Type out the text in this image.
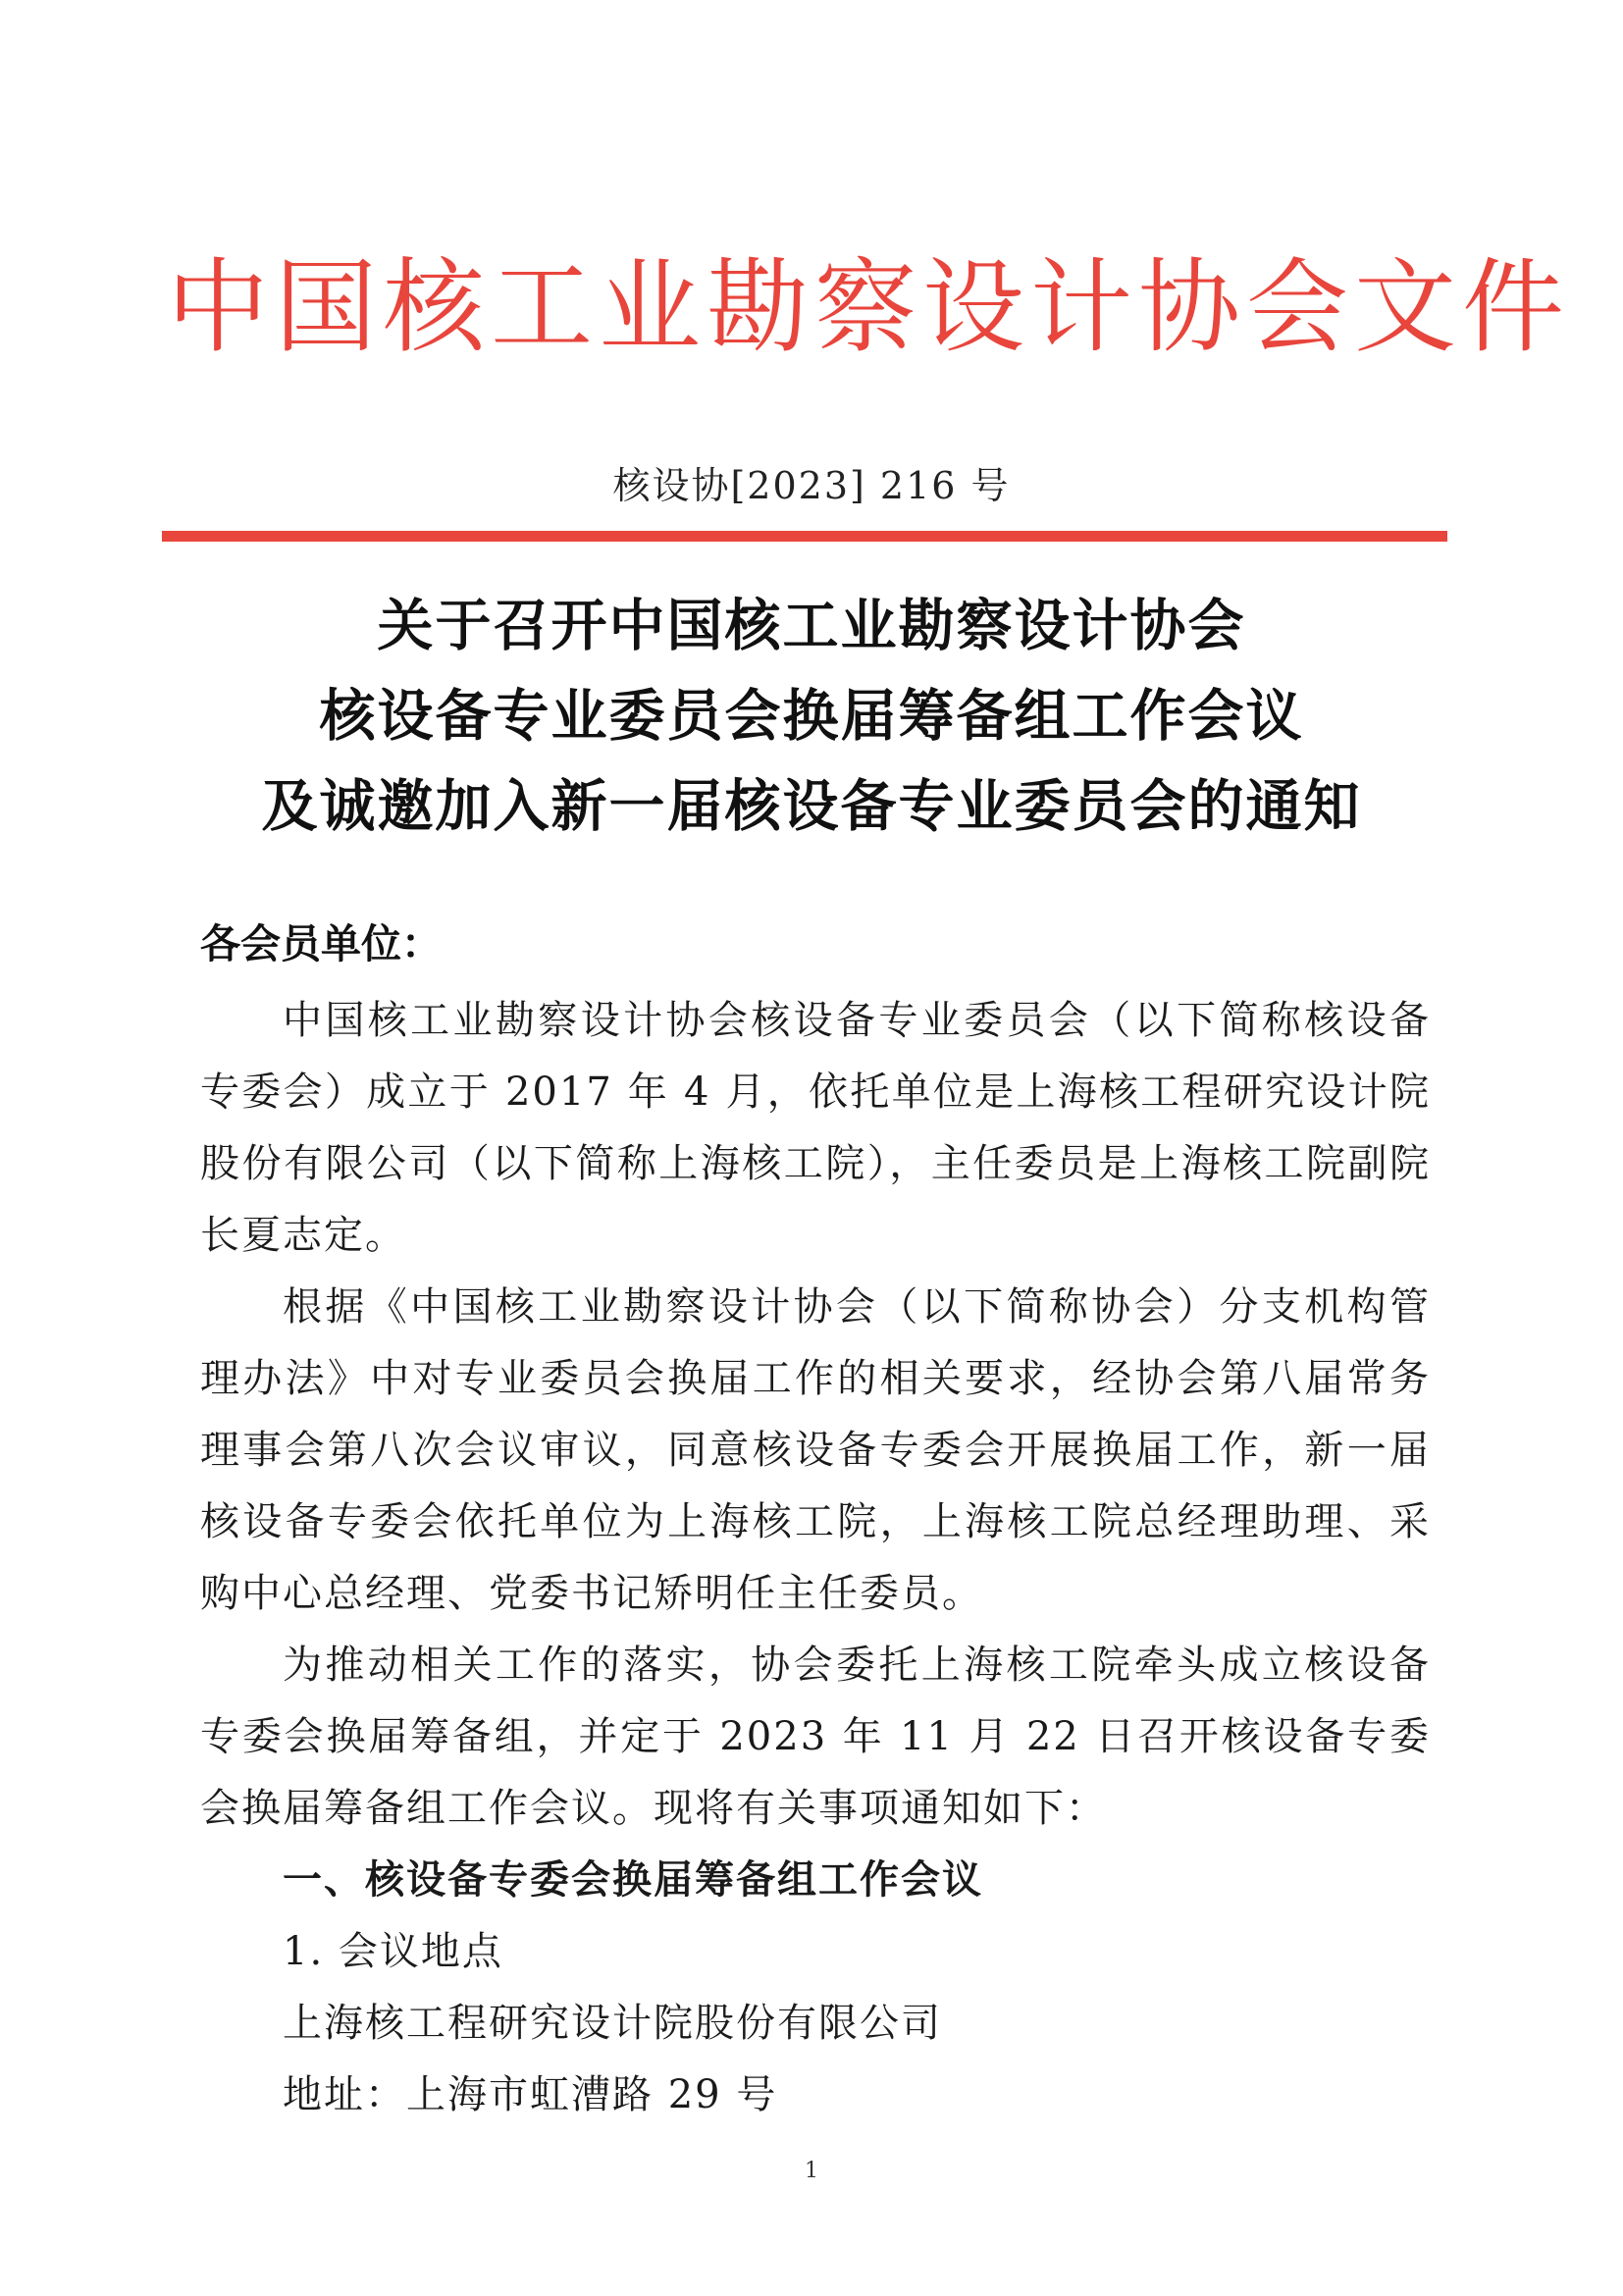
中国核工业勘察设计协会文件
核设协[2023] 216 号
关于召开中国核工业勘察设计协会
核设备专业委员会换届筹备组工作会议
及诚邀加入新一届核设备专业委员会的通知
各会员单位：

中国核工业勘察设计协会核设备专业委员会（以下简称核设备专委会）成立于 2017 年 4 月，依托单位是上海核工程研究设计院股份有限公司（以下简称上海核工院），主任委员是上海核工院副院长夏志定。

根据《中国核工业勘察设计协会（以下简称协会）分支机构管理办法》中对专业委员会换届工作的相关要求，经协会第八届常务理事会第八次会议审议，同意核设备专委会开展换届工作，新一届核设备专委会依托单位为上海核工院，上海核工院总经理助理、采购中心总经理、党委书记矫明任主任委员。

为推动相关工作的落实，协会委托上海核工院牵头成立核设备专委会换届筹备组，并定于 2023 年 11 月 22 日召开核设备专委会换届筹备组工作会议。现将有关事项通知如下：

一、核设备专委会换届筹备组工作会议

1. 会议地点

上海核工程研究设计院股份有限公司

地址：上海市虹漕路 29 号

1
